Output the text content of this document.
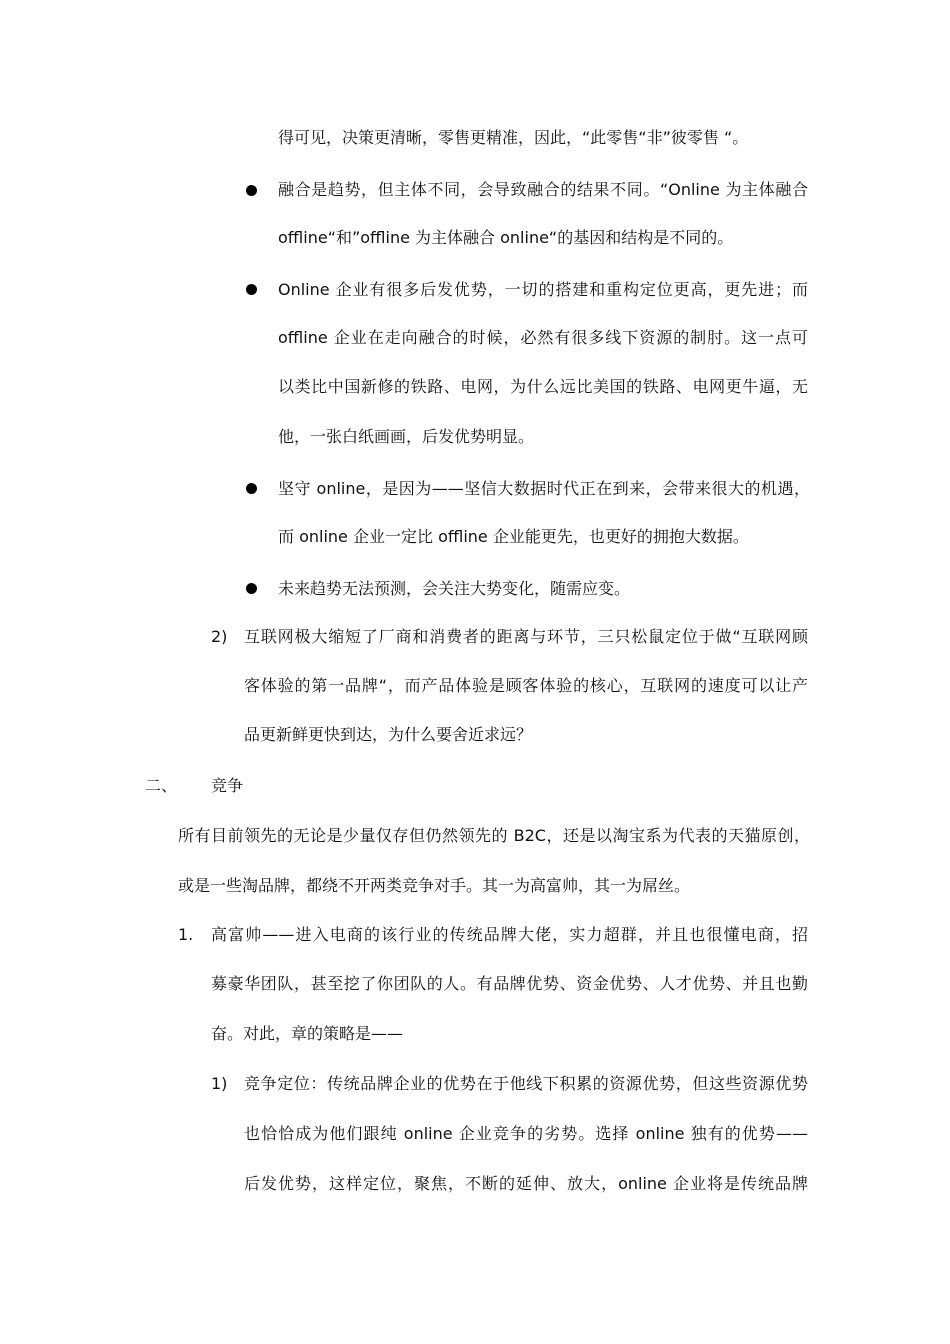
得可见，决策更清晰，零售更精准，因此，“此零售“非”彼零售 “。
融合是趋势，但主体不同，会导致融合的结果不同。“Online 为主体融合
offline“和”offline 为主体融合 online“的基因和结构是不同的。
Online 企业有很多后发优势，一切的搭建和重构定位更高，更先进；而
offline 企业在走向融合的时候，必然有很多线下资源的制肘。这一点可
以类比中国新修的铁路、电网，为什么远比美国的铁路、电网更牛逼，无
他，一张白纸画画，后发优势明显。
坚守 online，是因为——坚信大数据时代正在到来，会带来很大的机遇，
而 online 企业一定比 offline 企业能更先，也更好的拥抱大数据。
未来趋势无法预测，会关注大势变化，随需应变。
2) 互联网极大缩短了厂商和消费者的距离与环节，三只松鼠定位于做“互联网顾
客体验的第一品牌“，而产品体验是顾客体验的核心，互联网的速度可以让产
品更新鲜更快到达，为什么要舍近求远？
二、 竞争
所有目前领先的无论是少量仅存但仍然领先的 B2C，还是以淘宝系为代表的天猫原创，
或是一些淘品牌，都绕不开两类竞争对手。其一为高富帅，其一为屌丝。
1. 高富帅——进入电商的该行业的传统品牌大佬，实力超群，并且也很懂电商，招
募豪华团队，甚至挖了你团队的人。有品牌优势、资金优势、人才优势、并且也勤
奋。对此，章的策略是——
1) 竞争定位：传统品牌企业的优势在于他线下积累的资源优势，但这些资源优势
也恰恰成为他们跟纯 online 企业竞争的劣势。选择 online 独有的优势——
后发优势，这样定位，聚焦，不断的延伸、放大，online 企业将是传统品牌
